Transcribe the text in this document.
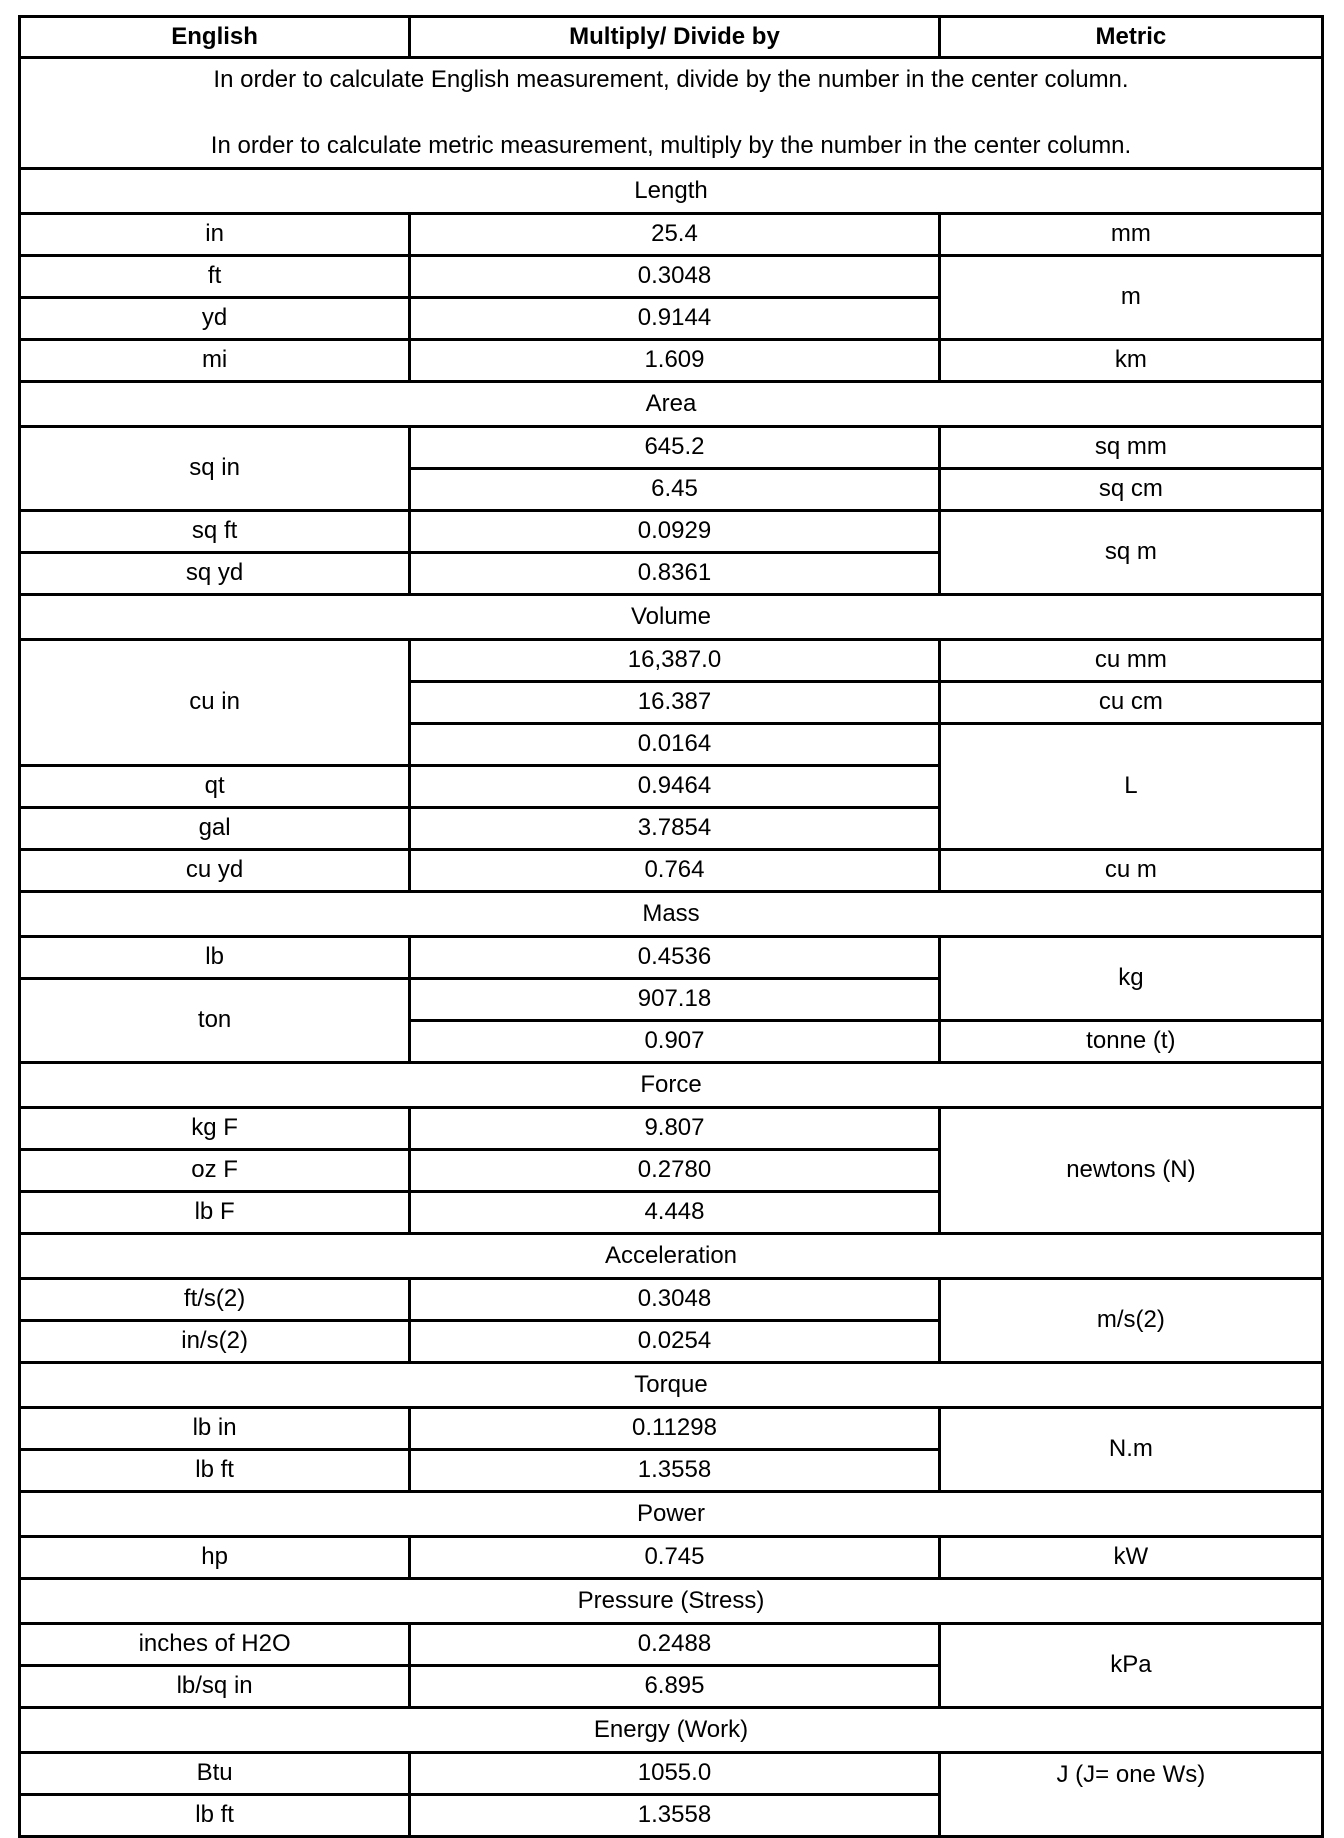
English	Multiply/ Divide by	Metric

In order to calculate English measurement, divide by the number in the center column.
In order to calculate metric measurement, multiply by the number in the center column.		

Length		
in	25.4	mm
ft	0.3048	m
yd	0.9144	
mi	1.609	km
Area		
sq in	645.2	sq mm
	6.45	sq cm
sq ft	0.0929	sq m
sq yd	0.8361	
Volume		
cu in	16,387.0	cu mm
	16.387	cu cm
	0.0164	L
qt	0.9464	
gal	3.7854	
cu yd	0.764	cu m
Mass		
lb	0.4536	kg
ton	907.18	
	0.907	tonne (t)
Force		
kg F	9.807	newtons (N)
oz F	0.2780	
lb F	4.448	
Acceleration		
ft/s(2)	0.3048	m/s(2)
in/s(2)	0.0254	
Torque		
lb in	0.11298	N.m
lb ft	1.3558	
Power		
hp	0.745	kW
Pressure (Stress)		
inches of H2O	0.2488	kPa
lb/sq in	6.895	
Energy (Work)		
Btu	1055.0	J (J= one Ws)
lb ft	1.3558	
